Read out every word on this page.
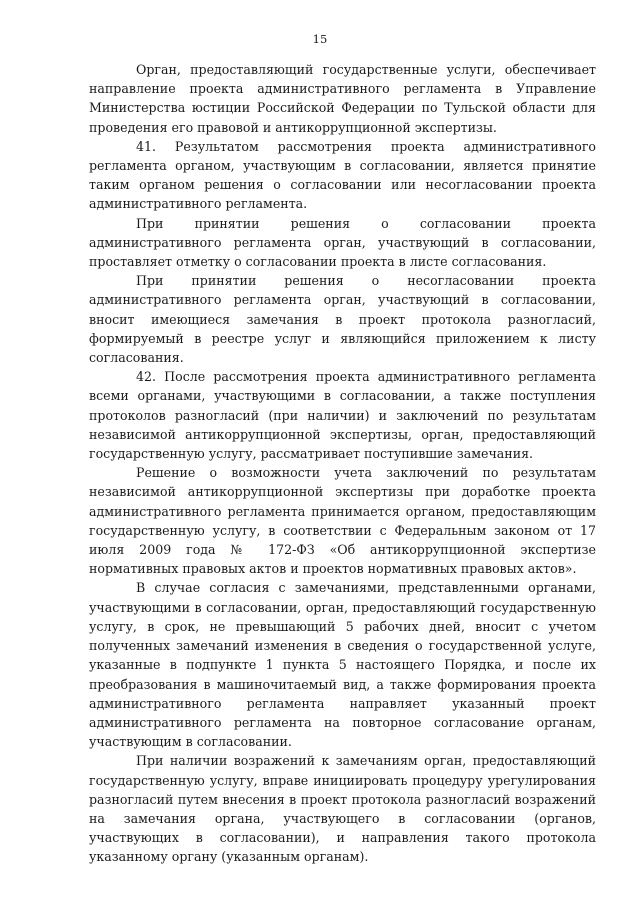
15

Орган, предоставляющий государственные услуги, обеспечивает направление проекта административного регламента в Управление Министерства юстиции Российской Федерации по Тульской области для проведения его правовой и антикоррупционной экспертизы.

41. Результатом рассмотрения проекта административного регламента органом, участвующим в согласовании, является принятие таким органом решения о согласовании или несогласовании проекта административного регламента.

При принятии решения о согласовании проекта административного регламента орган, участвующий в согласовании, проставляет отметку о согласовании проекта в листе согласования.

При принятии решения о несогласовании проекта административного регламента орган, участвующий в согласовании, вносит имеющиеся замечания в проект протокола разногласий, формируемый в реестре услуг и являющийся приложением к листу согласования.

42. После рассмотрения проекта административного регламента всеми органами, участвующими в согласовании, а также поступления протоколов разногласий (при наличии) и заключений по результатам независимой антикоррупционной экспертизы, орган, предоставляющий государственную услугу, рассматривает поступившие замечания.

Решение о возможности учета заключений по результатам независимой антикоррупционной экспертизы при доработке проекта административного регламента принимается органом, предоставляющим государственную услугу, в соответствии с Федеральным законом от 17 июля 2009 года № 172-ФЗ «Об антикоррупционной экспертизе нормативных правовых актов и проектов нормативных правовых актов».

В случае согласия с замечаниями, представленными органами, участвующими в согласовании, орган, предоставляющий государственную услугу, в срок, не превышающий 5 рабочих дней, вносит с учетом полученных замечаний изменения в сведения о государственной услуге, указанные в подпункте 1 пункта 5 настоящего Порядка, и после их преобразования в машиночитаемый вид, а также формирования проекта административного регламента направляет указанный проект административного регламента на повторное согласование органам, участвующим в согласовании.

При наличии возражений к замечаниям орган, предоставляющий государственную услугу, вправе инициировать процедуру урегулирования разногласий путем внесения в проект протокола разногласий возражений на замечания органа, участвующего в согласовании (органов, участвующих в согласовании), и направления такого протокола указанному органу (указанным органам).
